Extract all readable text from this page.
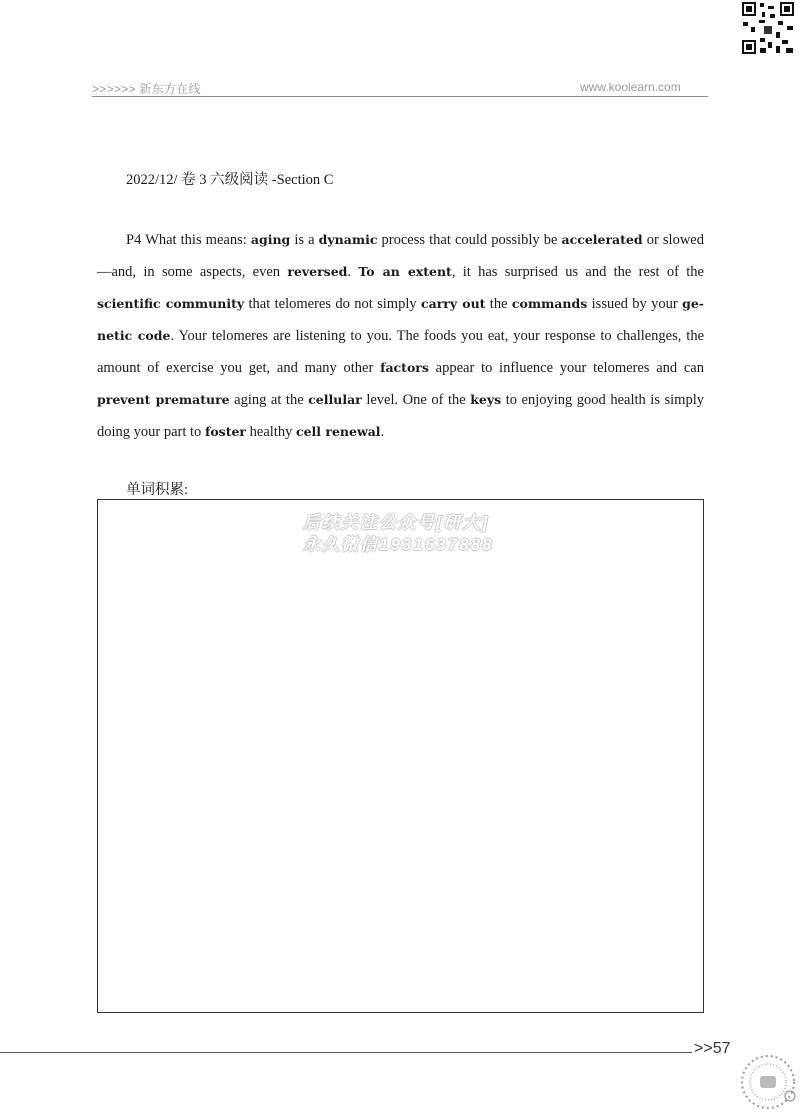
>>>>>> 新东方在线	www.koolearn.com
2022/12/ 卷 3 六级阅读 -Section C

P4 What this means: aging is a dynamic process that could possibly be accelerated or slowed—and, in some aspects, even reversed. To an extent, it has surprised us and the rest of the scientific community that telomeres do not simply carry out the commands issued by your ge-netic code. Your telomeres are listening to you. The foods you eat, your response to challenges, the amount of exercise you get, and many other factors appear to influence your telomeres and can prevent premature aging at the cellular level. One of the keys to enjoying good health is simply doing your part to foster healthy cell renewal.

单词积累:
后续关注公众号[研大]
永久微信1931637888
>>57
